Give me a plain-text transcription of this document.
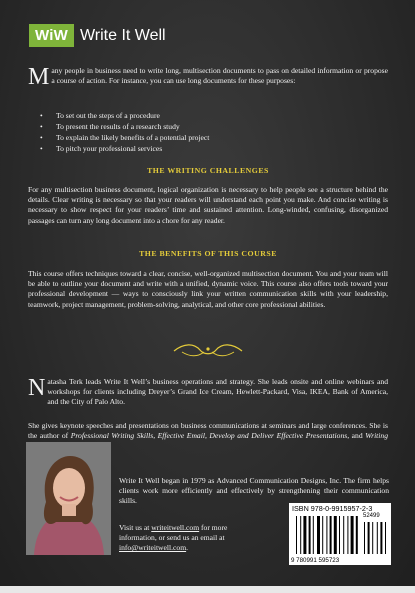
WiW Write It Well

Many people in business need to write long, multisection documents to pass on detailed information or propose a course of action. For instance, you can use long documents for these purposes:

• To set out the steps of a procedure
• To present the results of a research study
• To explain the likely benefits of a potential project
• To pitch your professional services
THE WRITING CHALLENGES

For any multisection business document, logical organization is necessary to help people see a structure behind the details. Clear writing is necessary so that your readers will understand each point you make. And concise writing is necessary to show respect for your readers’ time and sustained attention. Long-winded, confusing, disorganized passages can turn any long document into a chore for any reader.

THE BENEFITS OF THIS COURSE

This course offers techniques toward a clear, concise, well-organized multisection document. You and your team will be able to outline your document and write with a unified, dynamic voice. This course also offers tools toward your professional development — ways to consciously link your written communication skills with your leadership, teamwork, project management, problem-solving, analytical, and other core professional abilities.

Natasha Terk leads Write It Well’s business operations and strategy. She leads onsite and online webinars and workshops for clients including Dreyer’s Grand Ice Cream, Hewlett-Packard, Visa, IKEA, Bank of America, and the City of Palo Alto.

She gives keynote speeches and presentations on business communications at seminars and large conferences. She is the author of Professional Writing Skills, Effective Email, Develop and Deliver Effective Presentations, and Writing

Write It Well began in 1979 as Advanced Communication Designs, Inc. The firm helps clients work more efficiently and effectively by strengthening their communication skills.

Visit us at writeitwell.com for more information, or send us an email at info@writeitwell.com.

ISBN 978-0-9915957-2-3
52499
9 780991 595723
